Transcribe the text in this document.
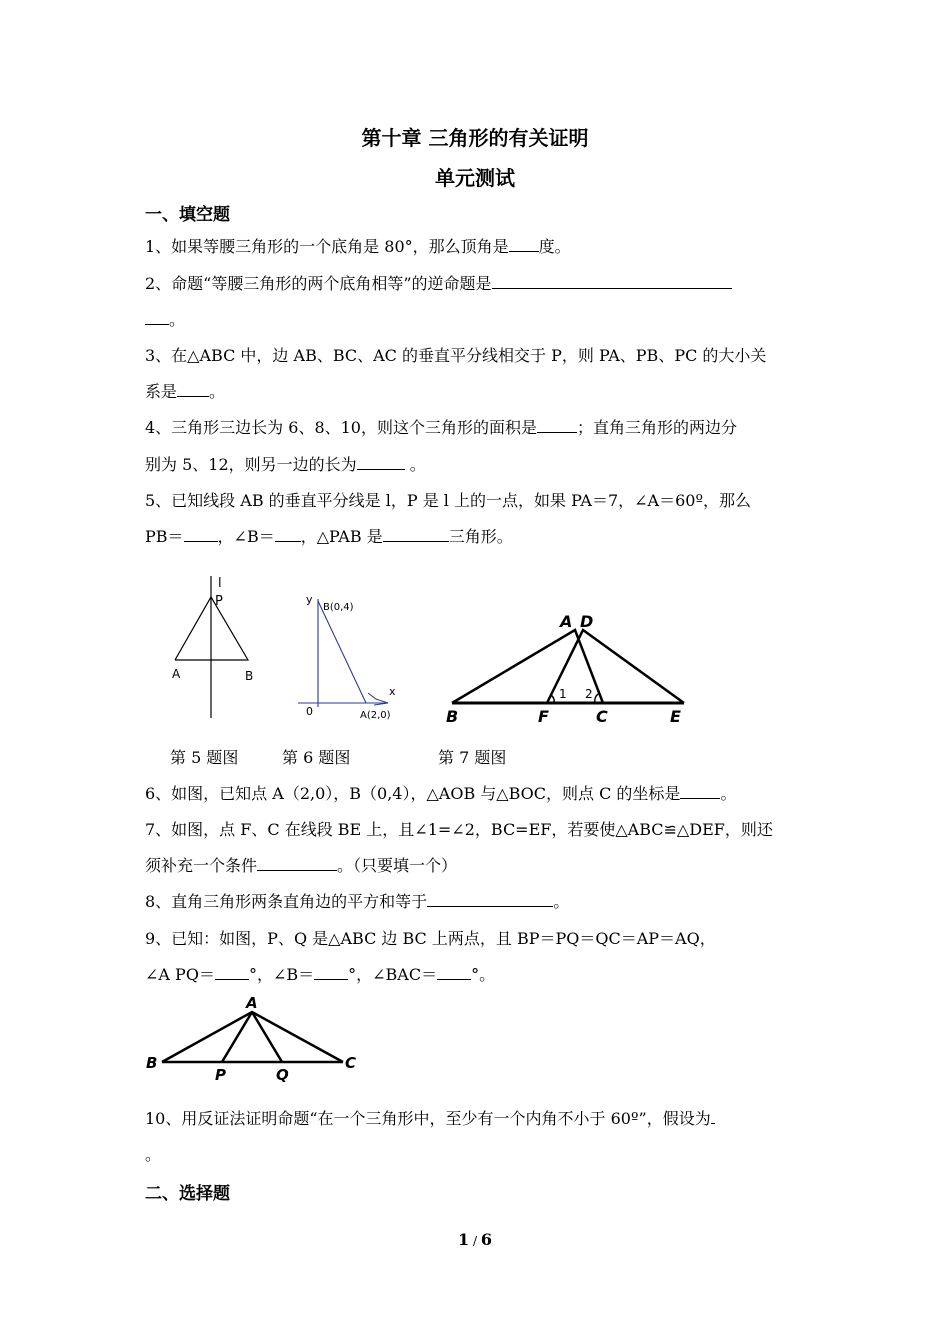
第十章 三角形的有关证明
单元测试
一、填空题
1、如果等腰三角形的一个底角是 80°，那么顶角是 度。
2、命题“等腰三角形的两个底角相等”的逆命题是
。
3、在△ABC 中，边 AB、BC、AC 的垂直平分线相交于 P，则 PA、PB、PC 的大小关
系是 。
4、三角形三边长为 6、8、10，则这个三角形的面积是	；直角三角形的两边分
别为 5、12，则另一边的长为	。
5、已知线段 AB 的垂直平分线是 l，P 是 l 上的一点，如果 PA＝7，∠A＝60º，那么
PB＝ ，∠B＝ ，△PAB 是	三角形。
l
P
A	B
y
x
0
B(0,4)
A(2,0)
A D
B	F	C	E
1 2
第 5 题图	第 6 题图	第 7 题图
6、如图，已知点 A（2,0），B（0,4），△AOB 与△BOC，则点 C 的坐标是	。
7、如图，点 F、C 在线段 BE 上，且∠1=∠2，BC=EF，若要使△ABC≌△DEF，则还
须补充一个条件	。（只要填一个）
8、直角三角形两条直角边的平方和等于	。
9、已知：如图，P、Q 是△ABC 边 BC 上两点，且 BP＝PQ＝QC＝AP＝AQ，
∠A PQ＝ °，∠B＝ °，∠BAC＝ °。
A
B
P	Q
C
10、用反证法证明命题“在一个三角形中，至少有一个内角不小于 60º”，假设为
。
二、选择题
1 / 6
